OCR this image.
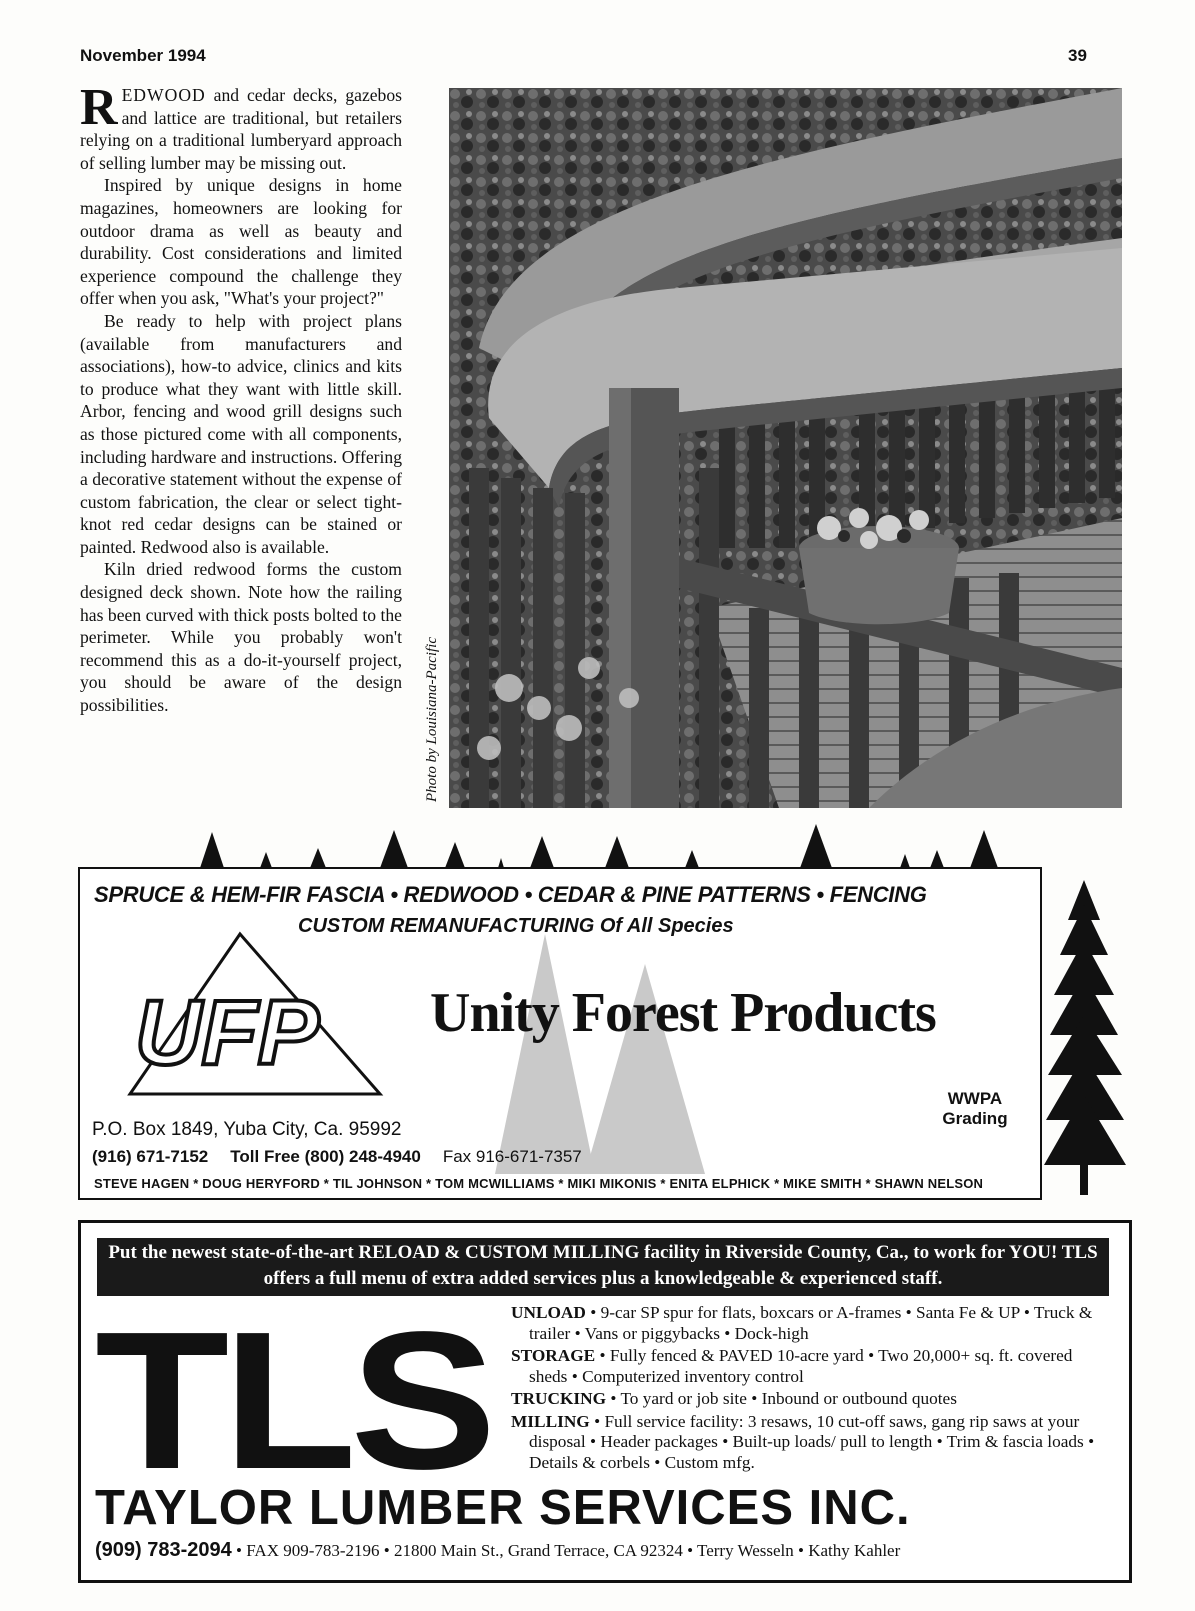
November 1994	39

REDWOOD and cedar decks, gazebos and lattice are traditional, but retailers relying on a traditional lumberyard approach of selling lumber may be missing out.

Inspired by unique designs in home magazines, homeowners are looking for outdoor drama as well as beauty and durability. Cost considerations and limited experience compound the challenge they offer when you ask, "What's your project?"

Be ready to help with project plans (available from manufacturers and associations), how-to advice, clinics and kits to produce what they want with little skill. Arbor, fencing and wood grill designs such as those pictured come with all components, including hardware and instructions. Offering a decorative statement without the expense of custom fabrication, the clear or select tight-knot red cedar designs can be stained or painted. Redwood also is available.

Kiln dried redwood forms the custom designed deck shown. Note how the railing has been curved with thick posts bolted to the perimeter. While you probably won't recommend this as a do-it-yourself project, you should be aware of the design possibilities.	Photo by Louisiana-Pacific
SPRUCE & HEM-FIR FASCIA • REDWOOD • CEDAR & PINE PATTERNS • FENCING
CUSTOM REMANUFACTURING Of All Species
UFP Unity Forest Products
WWPA Grading
P.O. Box 1849, Yuba City, Ca. 95992
(916) 671-7152 Toll Free (800) 248-4940 Fax 916-671-7357
STEVE HAGEN * DOUG HERYFORD * TIL JOHNSON * TOM MCWILLIAMS * MIKI MIKONIS * ENITA ELPHICK * MIKE SMITH * SHAWN NELSON
Put the newest state-of-the-art RELOAD & CUSTOM MILLING facility in Riverside County, Ca., to work for YOU! TLS offers a full menu of extra added services plus a knowledgeable & experienced staff.
TLS UNLOAD • 9-car SP spur for flats, boxcars or A-frames • Santa Fe & UP • Truck & trailer • Vans or piggybacks • Dock-high
STORAGE • Fully fenced & PAVED 10-acre yard • Two 20,000+ sq. ft. covered sheds • Computerized inventory control
TRUCKING • To yard or job site • Inbound or outbound quotes
MILLING • Full service facility: 3 resaws, 10 cut-off saws, gang rip saws at your disposal • Header packages • Built-up loads/ pull to length • Trim & fascia loads • Details & corbels • Custom mfg.
TAYLOR LUMBER SERVICES INC.
(909) 783-2094 • FAX 909-783-2196 • 21800 Main St., Grand Terrace, CA 92324 • Terry Wesseln • Kathy Kahler
